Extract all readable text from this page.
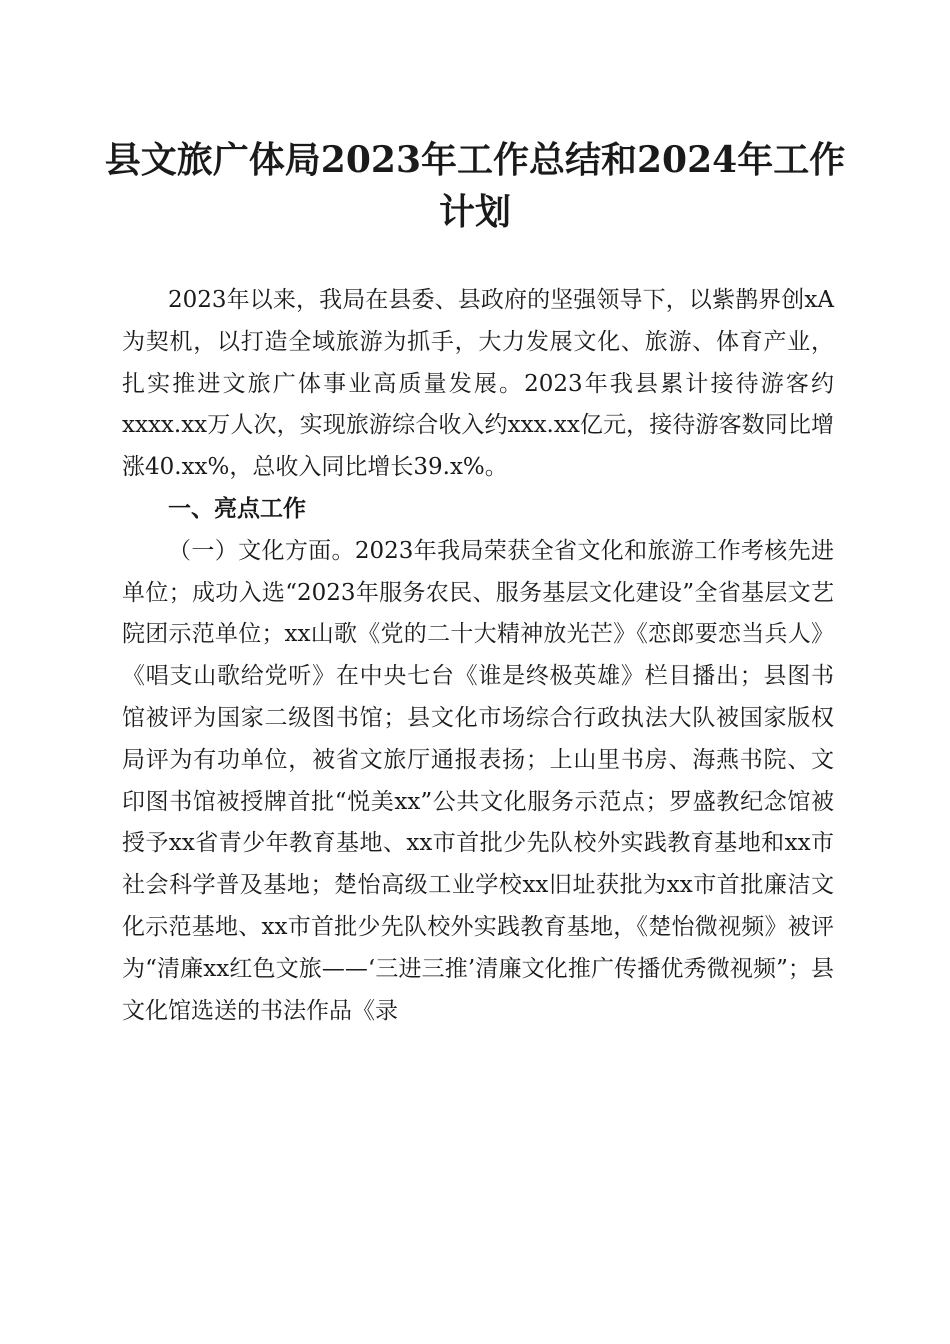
县文旅广体局2023年工作总结和2024年工作
计划

2023年以来，我局在县委、县政府的坚强领导下，以紫鹊界创xA为契机，以打造全域旅游为抓手，大力发展文化、旅游、体育产业，扎实推进文旅广体事业高质量发展。2023年我县累计接待游客约xxxx.xx万人次，实现旅游综合收入约xxx.xx亿元，接待游客数同比增涨40.xx%，总收入同比增长39.x%。

一、亮点工作

（一）文化方面。2023年我局荣获全省文化和旅游工作考核先进单位；成功入选“2023年服务农民、服务基层文化建设”全省基层文艺院团示范单位；xx山歌《党的二十大精神放光芒》《恋郎要恋当兵人》《唱支山歌给党听》在中央七台《谁是终极英雄》栏目播出；县图书馆被评为国家二级图书馆；县文化市场综合行政执法大队被国家版权局评为有功单位，被省文旅厅通报表扬；上山里书房、海燕书院、文印图书馆被授牌首批“悦美xx”公共文化服务示范点；罗盛教纪念馆被授予xx省青少年教育基地、xx市首批少先队校外实践教育基地和xx市社会科学普及基地；楚怡高级工业学校xx旧址获批为xx市首批廉洁文化示范基地、xx市首批少先队校外实践教育基地，《楚怡微视频》被评为“清廉xx红色文旅——‘三进三推’清廉文化推广传播优秀微视频”；县文化馆选送的书法作品《录
